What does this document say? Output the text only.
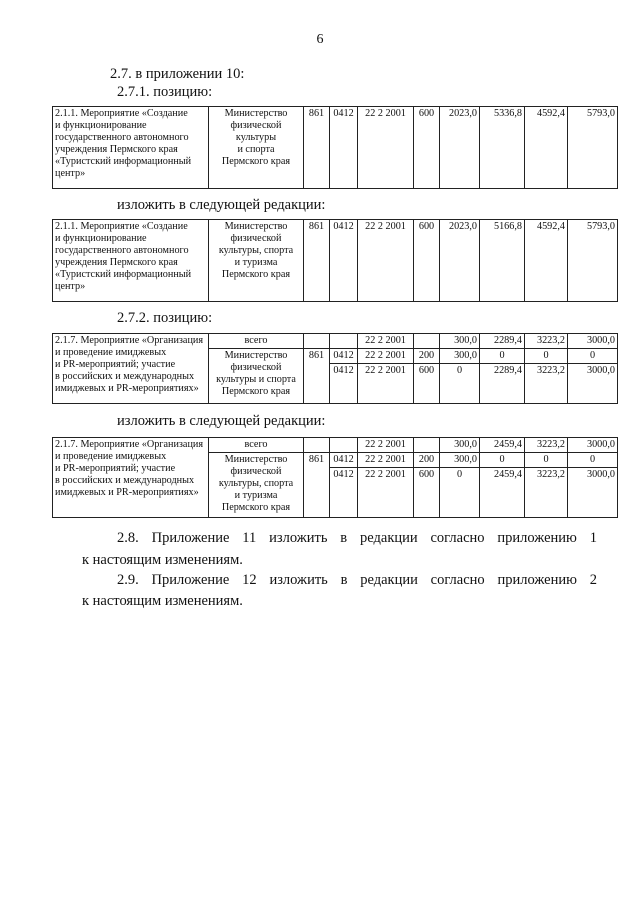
6
2.7. в приложении 10:
2.7.1. позицию:
2.1.1. Мероприятие «Создание
и функционирование
государственного автономного
учреждения Пермского края
«Туристский информационный
центр»

Министерство
физической
культуры
и спорта
Пермского края
	861	0412	22 2 2001	600	2023,0	5336,8	4592,4	5793,0
изложить в следующей редакции:
2.1.1. Мероприятие «Создание
и функционирование
государственного автономного
учреждения Пермского края
«Туристский информационный
центр»

Министерство
физической
культуры, спорта
и туризма
Пермского края
	861	0412	22 2 2001	600	2023,0	5166,8	4592,4	5793,0
2.7.2. позицию:
2.1.7. Мероприятие «Организация
и проведение имиджевых
и PR-мероприятий; участие
в российских и международных
имиджевых и PR-мероприятиях»	всего			22 2 2001		300,0	2289,4	3223,2	3000,0

	Министерство
физической
культуры и спорта
Пермского края	861	0412	22 2 2001	200	300,0	0	0	0
			0412	22 2 2001	600	0	2289,4	3223,2	3000,0
изложить в следующей редакции:
2.1.7. Мероприятие «Организация
и проведение имиджевых
и PR-мероприятий; участие
в российских и международных
имиджевых и PR-мероприятиях»	всего			22 2 2001		300,0	2459,4	3223,2	3000,0

	Министерство
физической
культуры, спорта
и туризма
Пермского края	861	0412	22 2 2001	200	300,0	0	0	0
			0412	22 2 2001	600	0	2459,4	3223,2	3000,0
2.8. Приложение 11 изложить в редакции согласно приложению 1
к настоящим изменениям.
2.9. Приложение 12 изложить в редакции согласно приложению 2
к настоящим изменениям.
